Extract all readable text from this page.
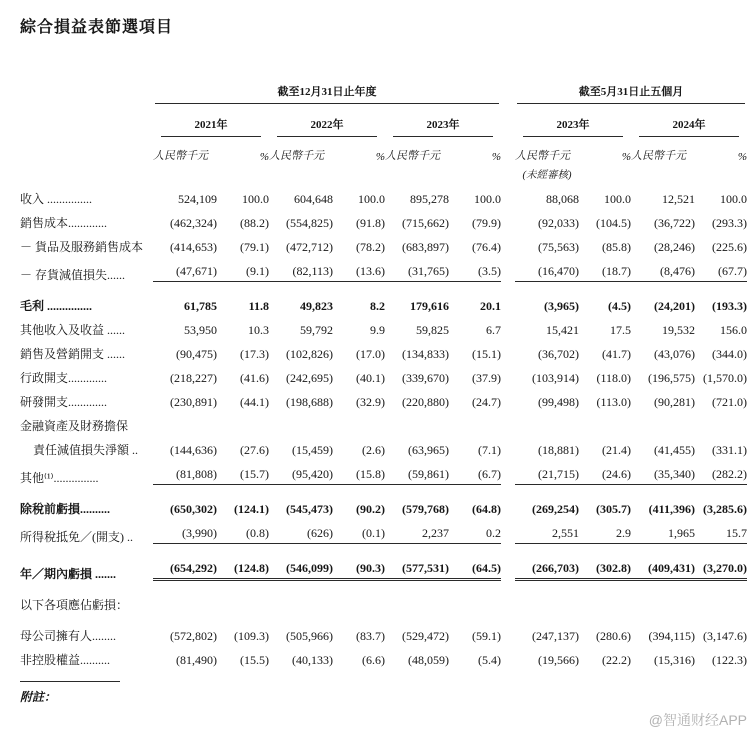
綜合損益表節選項目

	截至12月31日止年度						截至5月31日止五個月			

	2021年		2022年		2023年		2023年		2024年	

	人民幣千元	%	人民幣千元	%	人民幣千元	%	人民幣千元	%	人民幣千元	%
							(未經審核)			

收入 ...............	524,109	100.0	604,648	100.0	895,278	100.0	88,068	100.0	12,521	100.0

銷售成本.............	(462,324)	(88.2)	(554,825)	(91.8)	(715,662)	(79.9)	(92,033)	(104.5)	(36,722)	(293.3)

－ 貨品及服務銷售成本	(414,653)	(79.1)	(472,712)	(78.2)	(683,897)	(76.4)	(75,563)	(85.8)	(28,246)	(225.6)

－ 存貨減值損失......	(47,671)	(9.1)	(82,113)	(13.6)	(31,765)	(3.5)	(16,470)	(18.7)	(8,476)	(67.7)

毛利 ...............	61,785	11.8	49,823	8.2	179,616	20.1	(3,965)	(4.5)	(24,201)	(193.3)

其他收入及收益 ......	53,950	10.3	59,792	9.9	59,825	6.7	15,421	17.5	19,532	156.0

銷售及營銷開支 ......	(90,475)	(17.3)	(102,826)	(17.0)	(134,833)	(15.1)	(36,702)	(41.7)	(43,076)	(344.0)

行政開支.............	(218,227)	(41.6)	(242,695)	(40.1)	(339,670)	(37.9)	(103,914)	(118.0)	(196,575)	(1,570.0)

研發開支.............	(230,891)	(44.1)	(198,688)	(32.9)	(220,880)	(24.7)	(99,498)	(113.0)	(90,281)	(721.0)

金融資產及財務擔保										

責任減值損失淨額 ..	(144,636)	(27.6)	(15,459)	(2.6)	(63,965)	(7.1)	(18,881)	(21.4)	(41,455)	(331.1)

其他⁽¹⁾...............	(81,808)	(15.7)	(95,420)	(15.8)	(59,861)	(6.7)	(21,715)	(24.6)	(35,340)	(282.2)

除稅前虧損..........	(650,302)	(124.1)	(545,473)	(90.2)	(579,768)	(64.8)	(269,254)	(305.7)	(411,396)	(3,285.6)

所得稅抵免／(開支) ..	(3,990)	(0.8)	(626)	(0.1)	2,237	0.2	2,551	2.9	1,965	15.7

年／期內虧損 .......	(654,292)	(124.8)	(546,099)	(90.3)	(577,531)	(64.5)	(266,703)	(302.8)	(409,431)	(3,270.0)

以下各項應佔虧損：										

母公司擁有人........	(572,802)	(109.3)	(505,966)	(83.7)	(529,472)	(59.1)	(247,137)	(280.6)	(394,115)	(3,147.6)

非控股權益..........	(81,490)	(15.5)	(40,133)	(6.6)	(48,059)	(5.4)	(19,566)	(22.2)	(15,316)	(122.3)
附註：
@智通财经APP
